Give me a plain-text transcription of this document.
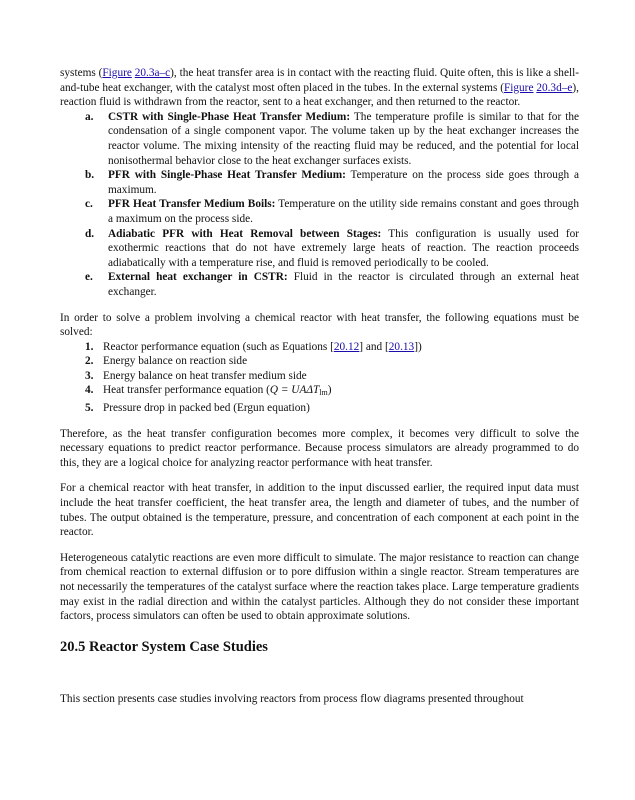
systems (Figure 20.3a–c), the heat transfer area is in contact with the reacting fluid. Quite often, this is like a shell-and-tube heat exchanger, with the catalyst most often placed in the tubes. In the external systems (Figure 20.3d–e), reaction fluid is withdrawn from the reactor, sent to a heat exchanger, and then returned to the reactor.

a. CSTR with Single-Phase Heat Transfer Medium: The temperature profile is similar to that for the condensation of a single component vapor. The volume taken up by the heat exchanger increases the reactor volume. The mixing intensity of the reacting fluid may be reduced, and the potential for local nonisothermal behavior close to the heat exchanger surfaces exists.
b. PFR with Single-Phase Heat Transfer Medium: Temperature on the process side goes through a maximum.
c. PFR Heat Transfer Medium Boils: Temperature on the utility side remains constant and goes through a maximum on the process side.
d. Adiabatic PFR with Heat Removal between Stages: This configuration is usually used for exothermic reactions that do not have extremely large heats of reaction. The reaction proceeds adiabatically with a temperature rise, and fluid is removed periodically to be cooled.
e. External heat exchanger in CSTR: Fluid in the reactor is circulated through an external heat exchanger.

In order to solve a problem involving a chemical reactor with heat transfer, the following equations must be solved:

1. Reactor performance equation (such as Equations [20.12] and [20.13])
2. Energy balance on reaction side
3. Energy balance on heat transfer medium side
4. Heat transfer performance equation $(Q = UA\Delta T_{lm})$
5. Pressure drop in packed bed (Ergun equation)

Therefore, as the heat transfer configuration becomes more complex, it becomes very difficult to solve the necessary equations to predict reactor performance. Because process simulators are already programmed to do this, they are a logical choice for analyzing reactor performance with heat transfer.

For a chemical reactor with heat transfer, in addition to the input discussed earlier, the required input data must include the heat transfer coefficient, the heat transfer area, the length and diameter of tubes, and the number of tubes. The output obtained is the temperature, pressure, and concentration of each component at each point in the reactor.

Heterogeneous catalytic reactions are even more difficult to simulate. The major resistance to reaction can change from chemical reaction to external diffusion or to pore diffusion within a single reactor. Stream temperatures are not necessarily the temperatures of the catalyst surface where the reaction takes place. Large temperature gradients may exist in the radial direction and within the catalyst particles. Although they do not consider these important factors, process simulators can often be used to obtain approximate solutions.

20.5 Reactor System Case Studies

This section presents case studies involving reactors from process flow diagrams presented throughout
